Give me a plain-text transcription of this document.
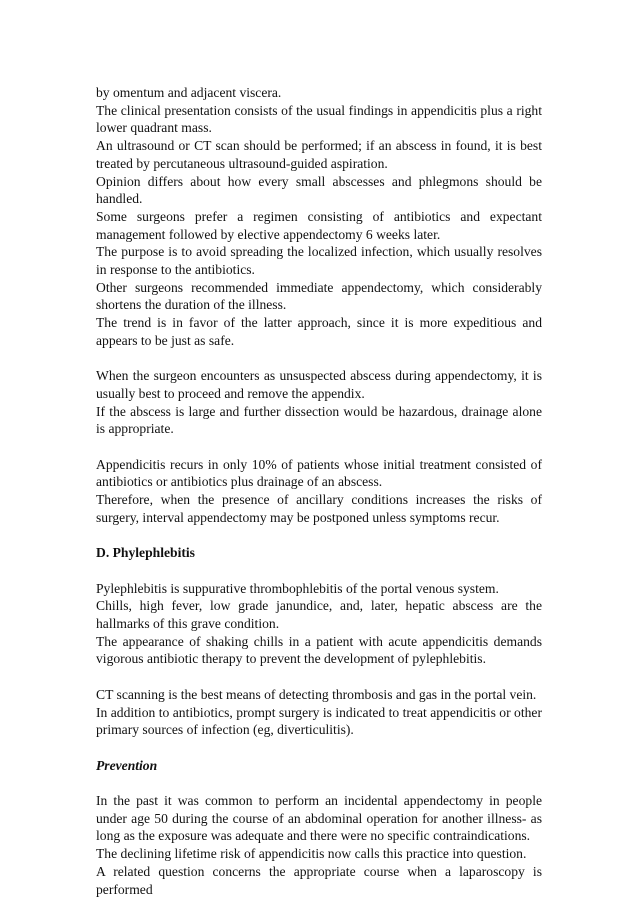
by omentum and adjacent viscera.

The clinical presentation consists of the usual findings in appendicitis plus a right lower quadrant mass.

An ultrasound or CT scan should be performed; if an abscess in found, it is best treated by percutaneous ultrasound-guided aspiration.

Opinion differs about how every small abscesses and phlegmons should be handled.

Some surgeons prefer a regimen consisting of antibiotics and expectant management followed by elective appendectomy 6 weeks later.

The purpose is to avoid spreading the localized infection, which usually resolves in response to the antibiotics.

Other surgeons recommended immediate appendectomy, which considerably shortens the duration of the illness.

The trend is in favor of the latter approach, since it is more expeditious and appears to be just as safe.

When the surgeon encounters as unsuspected abscess during appendectomy, it is usually best to proceed and remove the appendix.

If the abscess is large and further dissection would be hazardous, drainage alone is appropriate.

Appendicitis recurs in only 10% of patients whose initial treatment consisted of antibiotics or antibiotics plus drainage of an abscess.

Therefore, when the presence of ancillary conditions increases the risks of surgery, interval appendectomy may be postponed unless symptoms recur.

D. Phylephlebitis

Pylephlebitis is suppurative thrombophlebitis of the portal venous system.

Chills, high fever, low grade janundice, and, later, hepatic abscess are the hallmarks of this grave condition.

The appearance of shaking chills in a patient with acute appendicitis demands vigorous antibiotic therapy to prevent the development of pylephlebitis.

CT scanning is the best means of detecting thrombosis and gas in the portal vein.

In addition to antibiotics, prompt surgery is indicated to treat appendicitis or other primary sources of infection (eg, diverticulitis).

Prevention

In the past it was common to perform an incidental appendectomy in people under age 50 during the course of an abdominal operation for another illness- as long as the exposure was adequate and there were no specific contraindications.

The declining lifetime risk of appendicitis now calls this practice into question.

A related question concerns the appropriate course when a laparoscopy is performed
